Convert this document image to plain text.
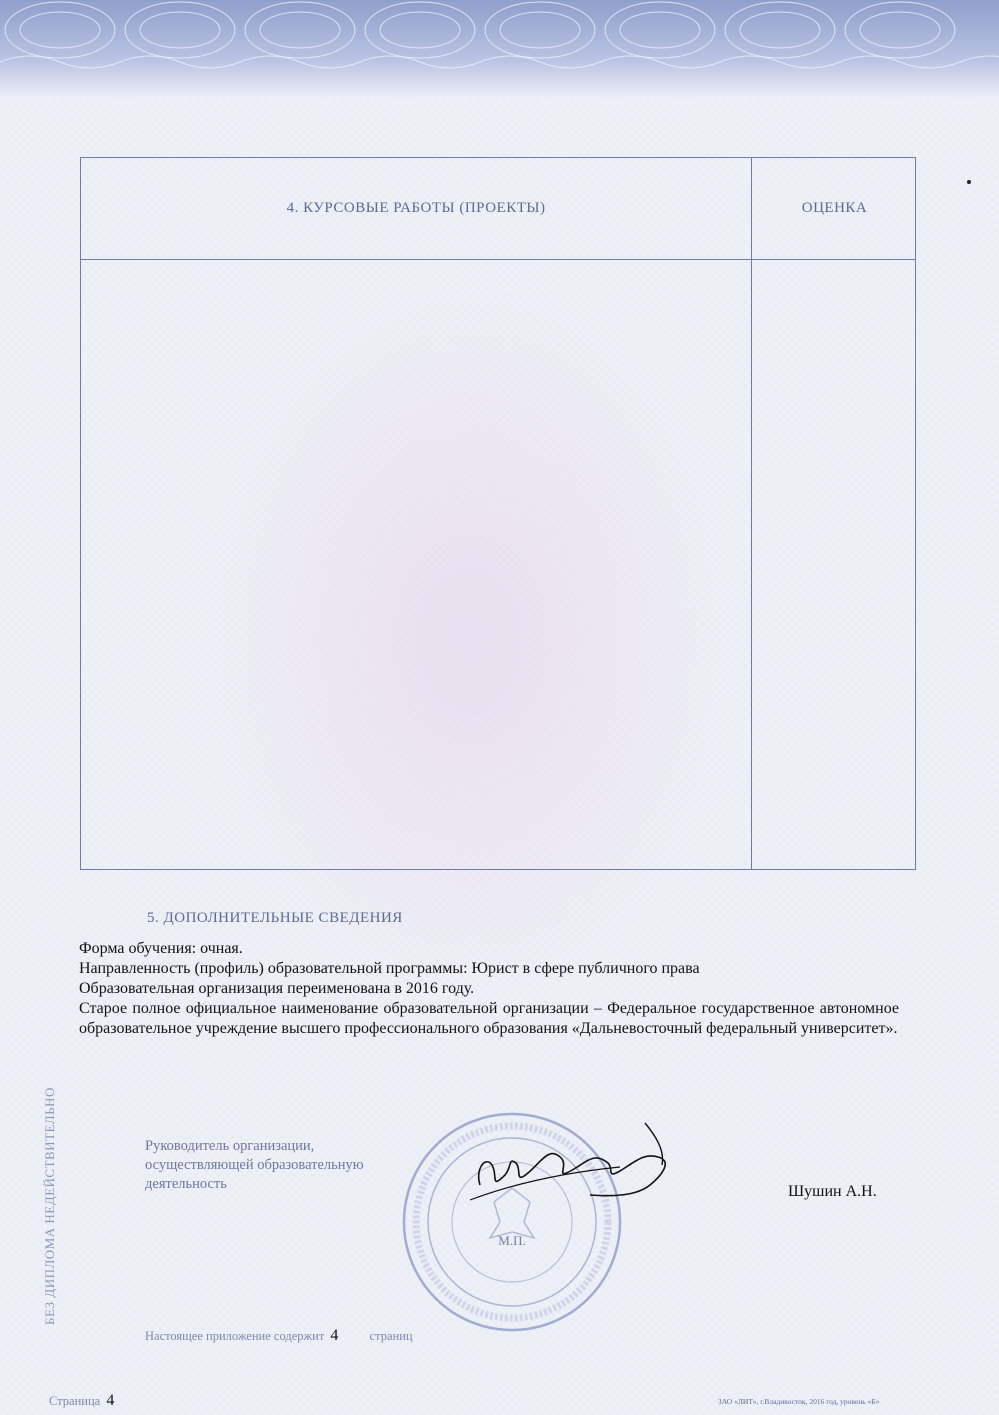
4. КУРСОВЫЕ РАБОТЫ (ПРОЕКТЫ)	ОЦЕНКА
5. ДОПОЛНИТЕЛЬНЫЕ СВЕДЕНИЯ

Форма обучения: очная.

Направленность (профиль) образовательной программы: Юрист в сфере публичного права

Образовательная организация переименована в 2016 году.

Старое полное официальное наименование образовательной организации – Федеральное государственное автономное образовательное учреждение высшего профессионального образования «Дальневосточный федеральный университет».

БЕЗ ДИПЛОМА НЕДЕЙСТВИТЕЛЬНО	Руководитель организации,
осуществляющей образовательную
деятельность
М.П.
Шушин А.Н.
Настоящее приложение содержит 4 страниц
Страница 4	ЗАО «ЛИТ», г.Владивосток, 2016 год, уровень «Б»
